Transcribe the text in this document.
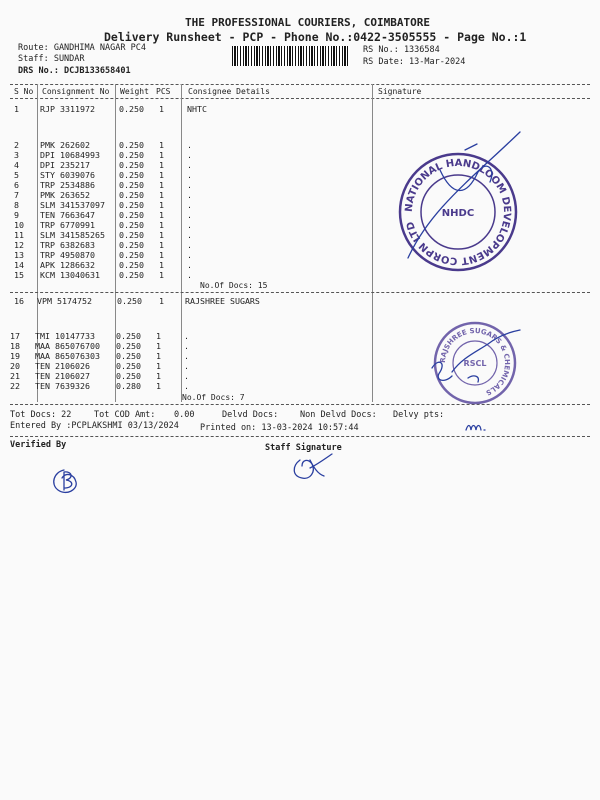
THE PROFESSIONAL COURIERS, COIMBATORE
Delivery Runsheet - PCP - Phone No.:0422-3505555 - Page No.:1
Route: GANDHIMA NAGAR PC4
Staff: SUNDAR
DRS No.: DCJB133658401
RS No.: 1336584
RS Date: 13-Mar-2024
S No Consignment No Weight PCS Consignee Details	Signature
1	RJP 3311972	0.250 1	NHTC
2	PMK 262602	0.250 1	.
3	DPI 10684993 0.250 1	.
4	DPI 235217	0.250 1	.
5	STY 6039076	0.250 1	.
6	TRP 2534886	0.250 1	.
7	PMK 263652	0.250 1	.
8	SLM 341537097 0.250 1	.
9	TEN 7663647	0.250 1	.
10 TRP 6770991	0.250 1	.
11 SLM 341585265 0.250 1	.
12 TRP 6382683	0.250 1	.
13 TRP 4950870	0.250 1	.
14 APK 1286632	0.250 1	.
15 KCM 13040631 0.250 1	.
No.Of Docs: 15
16 VPM 5174752	0.250 1	RAJSHREE SUGARS
17 TMI 10147733	0.250 1	.
18 MAA 865076700 0.250 1	.
19 MAA 865076303 0.250 1	.
20 TEN 2106026	0.250 1	.
21 TEN 2106027	0.250 1	.
22 TEN 7639326	0.280 1	.
No.Of Docs: 7
Tot Docs: 22	Tot COD Amt: 0.00	Delvd Docs:	Non Delvd Docs: Delvy pts:
Entered By :PCPLAKSHMI 03/13/2024 Printed on: 13-03-2024 10:57:44
Verified By	Staff Signature
NATIONAL HANDLOOM DEVELOPMENT CORPN LTD
NHDC
RAJSHREE SUGARS & CHEMICALS
RSCL
